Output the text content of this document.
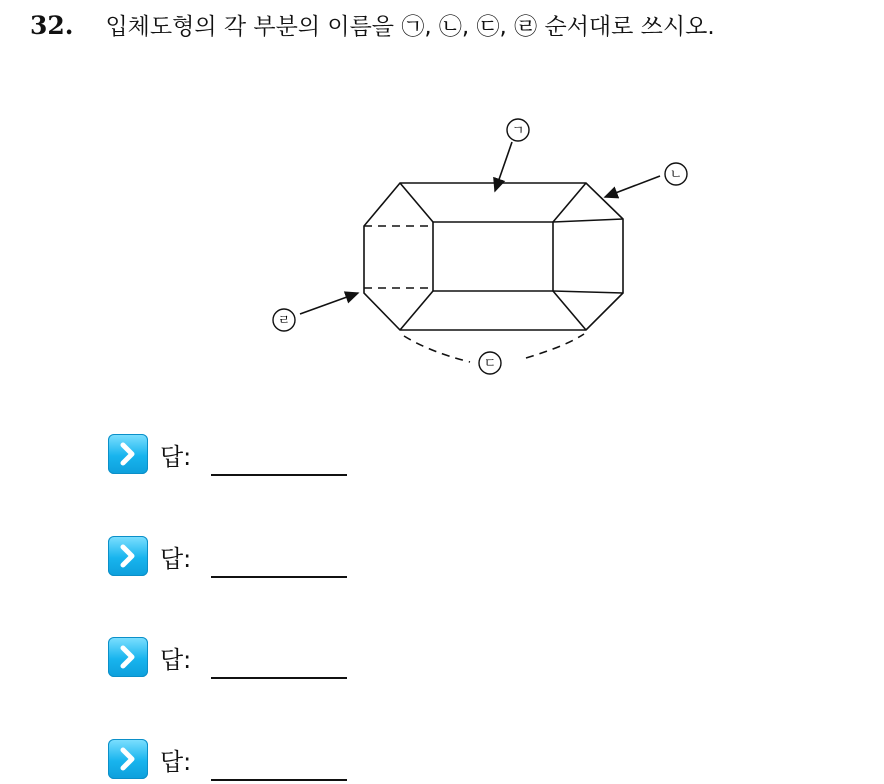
32. 입체도형의 각 부분의 이름을 ㉠, ㉡, ㉢, ㉣ 순서대로 쓰시오.
ㄱ
ㄴ
ㄷ
ㄹ
답:
답:
답:
답:
